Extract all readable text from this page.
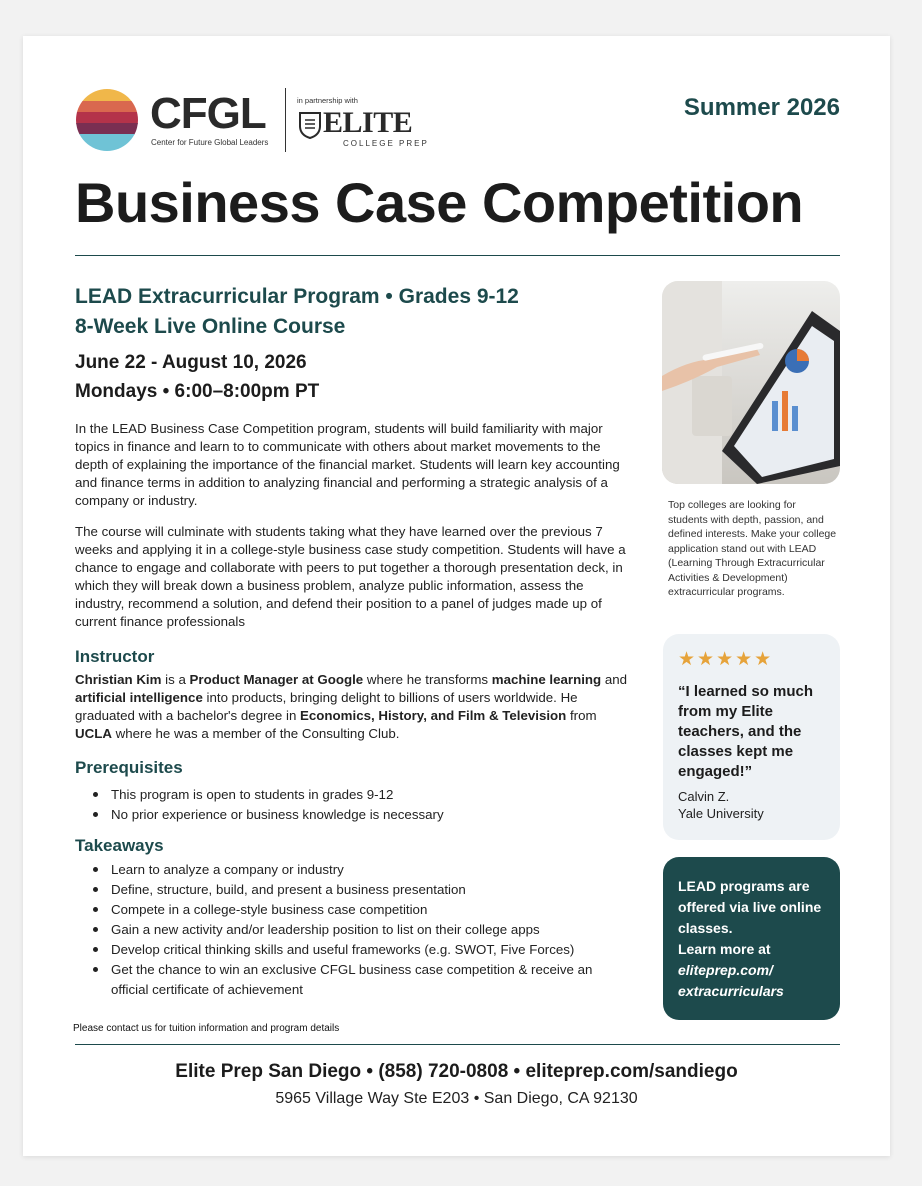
CFGL
Center for Future Global Leaders
in partnership with
ELITE
COLLEGE PREP
Summer 2026
Business Case Competition
LEAD Extracurricular Program • Grades 9-12
8-Week Live Online Course
June 22 - August 10, 2026
Mondays • 6:00–8:00pm PT

In the LEAD Business Case Competition program, students will build familiarity with major topics in finance and learn to to communicate with others about market movements to the depth of explaining the importance of the financial market. Students will learn key accounting and finance terms in addition to analyzing financial and performing a strategic analysis of a company or industry.

The course will culminate with students taking what they have learned over the previous 7 weeks and applying it in a college-style business case study competition. Students will have a chance to engage and collaborate with peers to put together a thorough presentation deck, in which they will break down a business problem, analyze public information, assess the industry, recommend a solution, and defend their position to a panel of judges made up of current finance professionals

Instructor

Christian Kim is a Product Manager at Google where he transforms machine learning and artificial intelligence into products, bringing delight to billions of users worldwide. He graduated with a bachelor's degree in Economics, History, and Film & Television from UCLA where he was a member of the Consulting Club.

Prerequisites
This program is open to students in grades 9-12
No prior experience or business knowledge is necessary
Takeaways
Learn to analyze a company or industry
Define, structure, build, and present a business presentation
Compete in a college-style business case competition
Gain a new activity and/or leadership position to list on their college apps
Develop critical thinking skills and useful frameworks (e.g. SWOT, Five Forces)
Get the chance to win an exclusive CFGL business case competition & receive an official certificate of achievement
Please contact us for tuition information and program details
Elite Prep San Diego • (858) 720-0808 • eliteprep.com/sandiego
5965 Village Way Ste E203 • San Diego, CA 92130

Top colleges are looking for students with depth, passion, and defined interests. Make your college application stand out with LEAD (Learning Through Extracurricular Activities & Development) extracurricular programs.

★★★★★
“I learned so much from my Elite teachers, and the classes kept me engaged!”
Calvin Z.
Yale University
LEAD programs are offered via live online classes.
Learn more at
eliteprep.com/ extracurriculars
